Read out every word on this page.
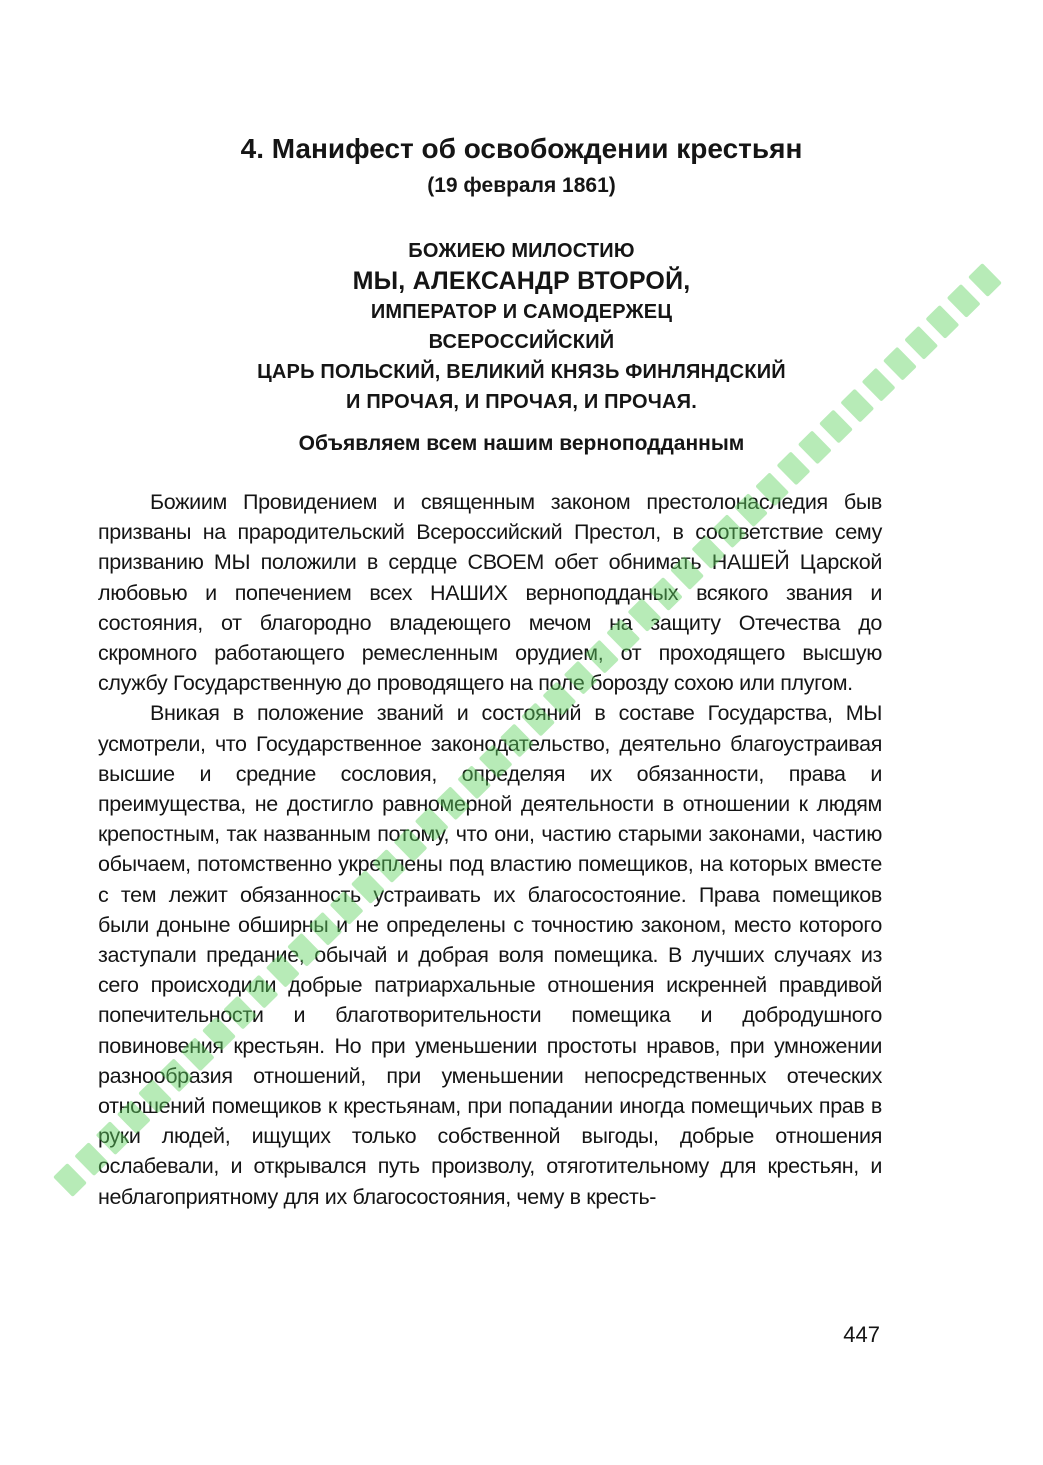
4. Манифест об освобождении крестьян
(19 февраля 1861)
БОЖИЕЮ МИЛОСТИЮ
МЫ, АЛЕКСАНДР ВТОРОЙ,
ИМПЕРАТОР И САМОДЕРЖЕЦ
ВСЕРОССИЙСКИЙ
ЦАРЬ ПОЛЬСКИЙ, ВЕЛИКИЙ КНЯЗЬ ФИНЛЯНДСКИЙ
И ПРОЧАЯ, И ПРОЧАЯ, И ПРОЧАЯ.
Объявляем всем нашим верноподданным

Божиим Провидением и священным законом престолонаследия быв призваны на прародительский Всероссийский Престол, в соответствие сему призванию МЫ положили в сердце СВОЕМ обет обнимать НАШЕЙ Царской любовью и попечением всех НАШИХ верноподданых всякого звания и состояния, от благородно владеющего мечом на защиту Отечества до скромного работающего ремесленным орудием, от проходящего высшую службу Государственную до проводящего на поле борозду сохою или плугом.

Вникая в положение званий и состояний в составе Государства, МЫ усмотрели, что Государственное законодательство, деятельно благоустраивая высшие и средние сословия, определяя их обязанности, права и преимущества, не достигло равномерной деятельности в отношении к людям крепостным, так названным потому, что они, частию старыми законами, частию обычаем, потомственно укреплены под властию помещиков, на которых вместе с тем лежит обязанность устраивать их благосостояние. Права помещиков были доныне обширны и не определены с точностию законом, место которого заступали предание, обычай и добрая воля помещика. В лучших случаях из сего происходили добрые патриархальные отношения искренней правдивой попечительности и благотворительности помещика и добродушного повиновения крестьян. Но при уменьшении простоты нравов, при умножении разнообразия отношений, при уменьшении непосредственных отеческих отношений помещиков к крестьянам, при попадании иногда помещичьих прав в руки людей, ищущих только собственной выгоды, добрые отношения ослабевали, и открывался путь произволу, отяготительному для крестьян, и неблагоприятному для их благосостояния, чему в кресть-

447
